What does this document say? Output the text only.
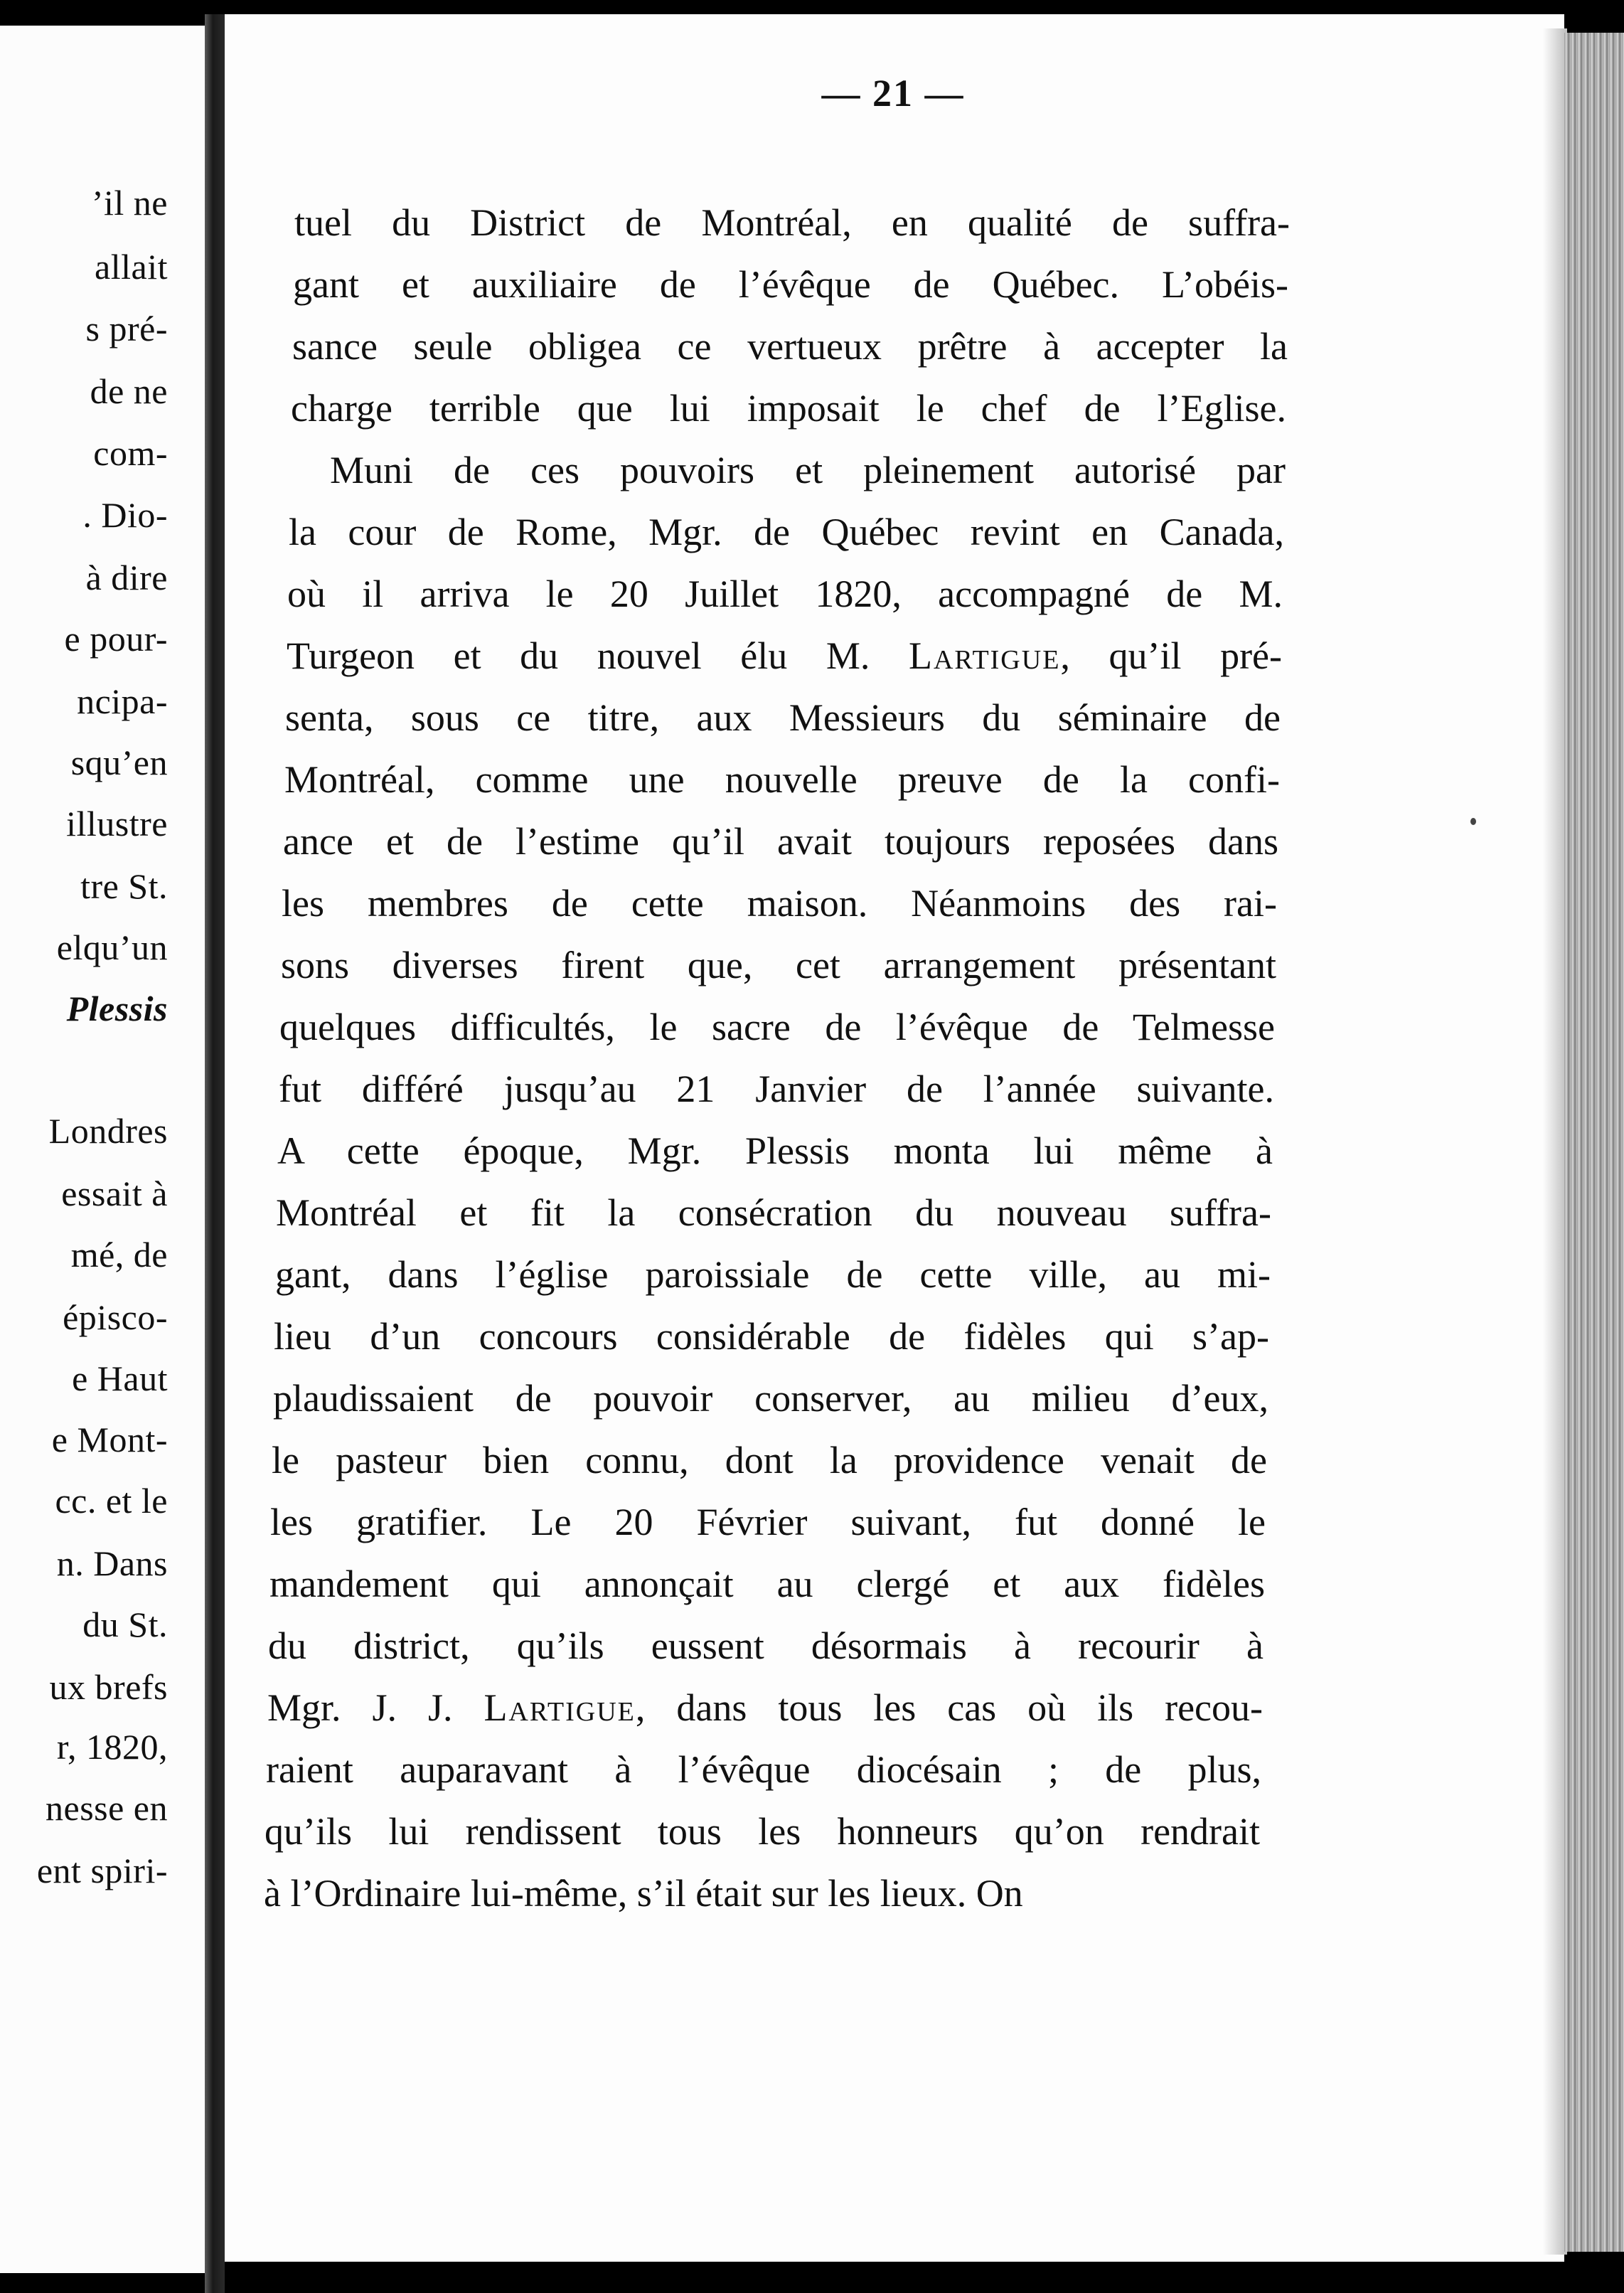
’il ne
allait
s pré-
de ne
com-
. Dio-
à dire
e pour-
ncipa-
squ’en
illustre
tre St.
elqu’un
Plessis
Londres
essait à
mé, de
épisco-
e Haut
e Mont-
cc. et le
n. Dans
du St.
ux brefs
r, 1820,
nesse en
ent spiri-
— 21 —
tuel du District de Montréal, en qualité de suffra-
gant et auxiliaire de l’évêque de Québec. L’obéis-
sance seule obligea ce vertueux prêtre à accepter la
charge terrible que lui imposait le chef de l’Eglise.
Muni de ces pouvoirs et pleinement autorisé par
la cour de Rome, Mgr. de Québec revint en Canada,
où il arriva le 20 Juillet 1820, accompagné de M.
Turgeon et du nouvel élu M. Lartigue, qu’il pré-
senta, sous ce titre, aux Messieurs du séminaire de
Montréal, comme une nouvelle preuve de la confi-
ance et de l’estime qu’il avait toujours reposées dans
les membres de cette maison. Néanmoins des rai-
sons diverses firent que, cet arrangement présentant
quelques difficultés, le sacre de l’évêque de Telmesse
fut différé jusqu’au 21 Janvier de l’année suivante.
A cette époque, Mgr. Plessis monta lui même à
Montréal et fit la consécration du nouveau suffra-
gant, dans l’église paroissiale de cette ville, au mi-
lieu d’un concours considérable de fidèles qui s’ap-
plaudissaient de pouvoir conserver, au milieu d’eux,
le pasteur bien connu, dont la providence venait de
les gratifier. Le 20 Février suivant, fut donné le
mandement qui annonçait au clergé et aux fidèles
du district, qu’ils eussent désormais à recourir à
Mgr. J. J. Lartigue, dans tous les cas où ils recou-
raient auparavant à l’évêque diocésain ; de plus,
qu’ils lui rendissent tous les honneurs qu’on rendrait
à l’Ordinaire lui-même, s’il était sur les lieux. On
